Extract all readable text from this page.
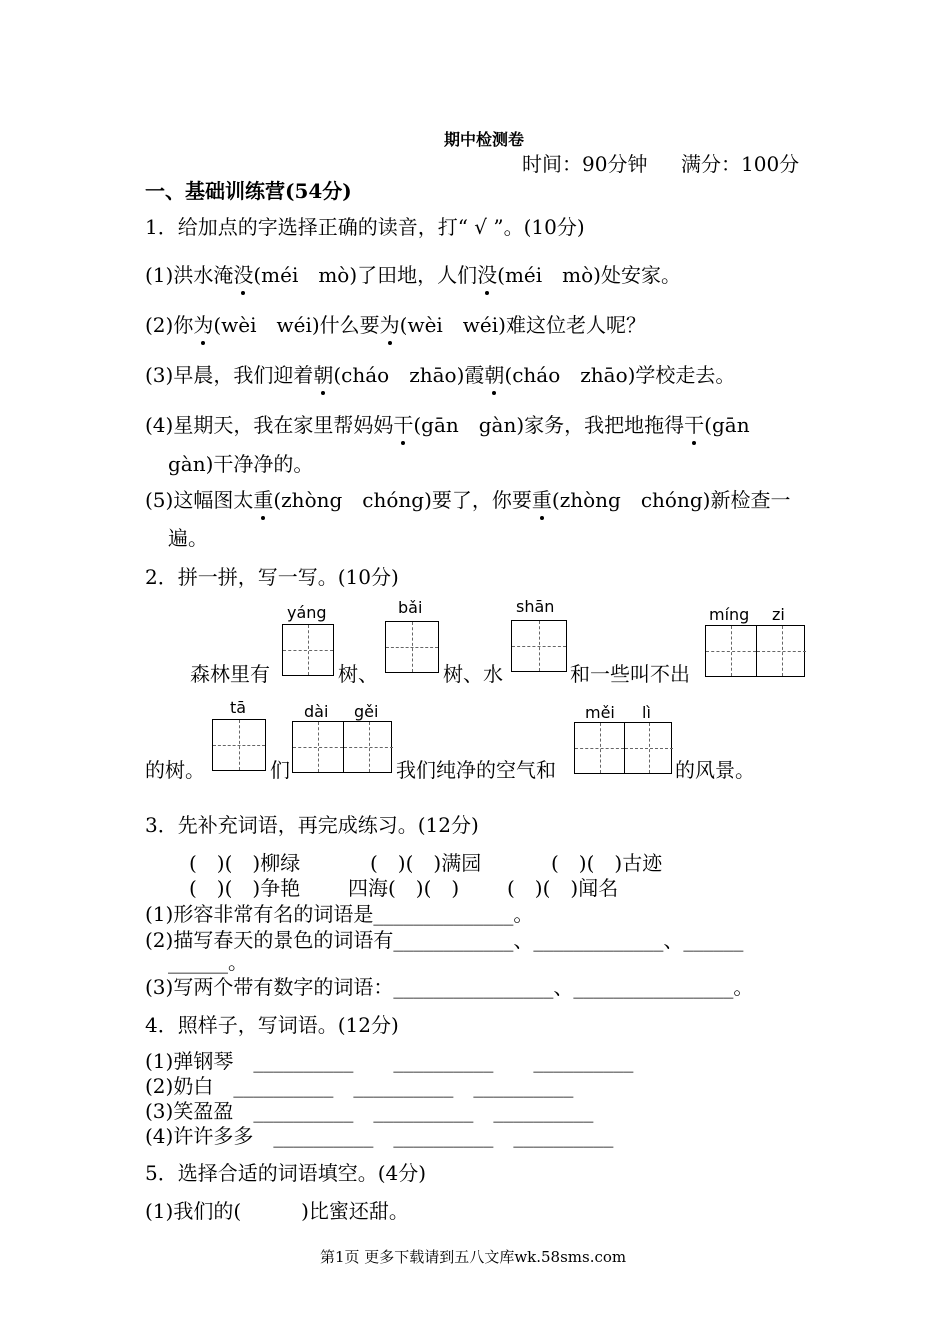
期中检测卷
时间：90分钟 满分：100分
一、基础训练营(54分)
1．给加点的字选择正确的读音，打“ √ ”。(10分)
(1)洪水淹没(méi　mò)了田地，人们没(méi　mò)处安家。
(2)你为(wèi　wéi)什么要为(wèi　wéi)难这位老人呢？
(3)早晨，我们迎着朝(cháo　zhāo)霞朝(cháo　zhāo)学校走去。
(4)星期天，我在家里帮妈妈干(gān　gàn)家务，我把地拖得干(gān
gàn)干净净的。
(5)这幅图太重(zhòng　chóng)要了，你要重(zhòng　chóng)新检查一
遍。
2．拼一拼，写一写。(10分)
yáng	bǎi	shān	míng zi
森林里有	树、	树、水	和一些叫不出
tā	dài gěi	měi lì
的树。	们	我们纯净的空气和	的风景。
3．先补充词语，再完成练习。(12分)
(　)(　)柳绿	(　)(　)满园	(　)(　)古迹
(　)(　)争艳 四海(　)(　) (　)(　)闻名
(1)形容非常有名的词语是______________。
(2)描写春天的景色的词语有____________、_____________、______
______。
(3)写两个带有数字的词语：________________、________________。
4．照样子，写词语。(12分)
(1)弹钢琴　__________　　__________　　__________
(2)奶白　__________　__________　__________
(3)笑盈盈　__________　__________　__________
(4)许许多多　__________　__________　__________
5．选择合适的词语填空。(4分)
(1)我们的(　　　)比蜜还甜。
第1页 更多下载请到五八文库wk.58sms.com
